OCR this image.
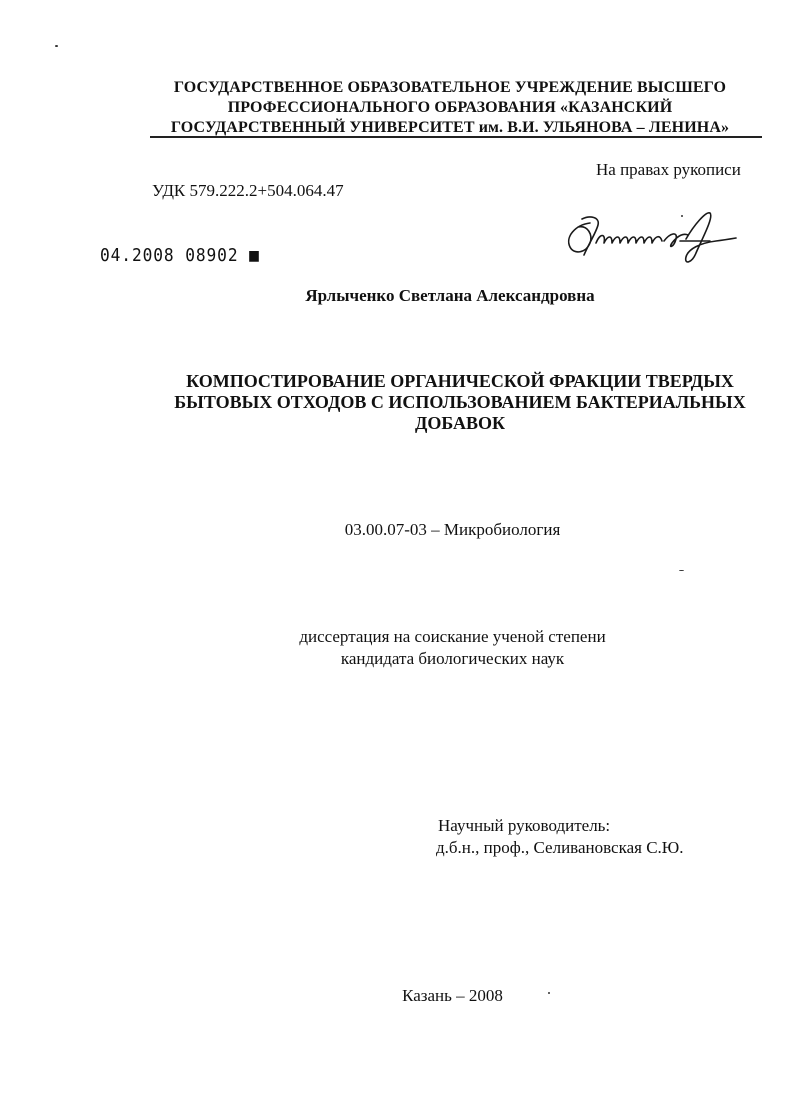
ГОСУДАРСТВЕННОЕ ОБРАЗОВАТЕЛЬНОЕ УЧРЕЖДЕНИЕ ВЫСШЕГО
ПРОФЕССИОНАЛЬНОГО ОБРАЗОВАНИЯ «КАЗАНСКИЙ
ГОСУДАРСТВЕННЫЙ УНИВЕРСИТЕТ им. В.И. УЛЬЯНОВА – ЛЕНИНА»
На правах рукописи
УДК 579.222.2+504.064.47
04.2008 08902 ■
Ярлыченко Светлана Александровна
КОМПОСТИРОВАНИЕ ОРГАНИЧЕСКОЙ ФРАКЦИИ ТВЕРДЫХ
БЫТОВЫХ ОТХОДОВ С ИСПОЛЬЗОВАНИЕМ БАКТЕРИАЛЬНЫХ
ДОБАВОК
03.00.07-03 – Микробиология
диссертация на соискание ученой степени
кандидата биологических наук
Научный руководитель:
д.б.н., проф., Селивановская С.Ю.
Казань – 2008
